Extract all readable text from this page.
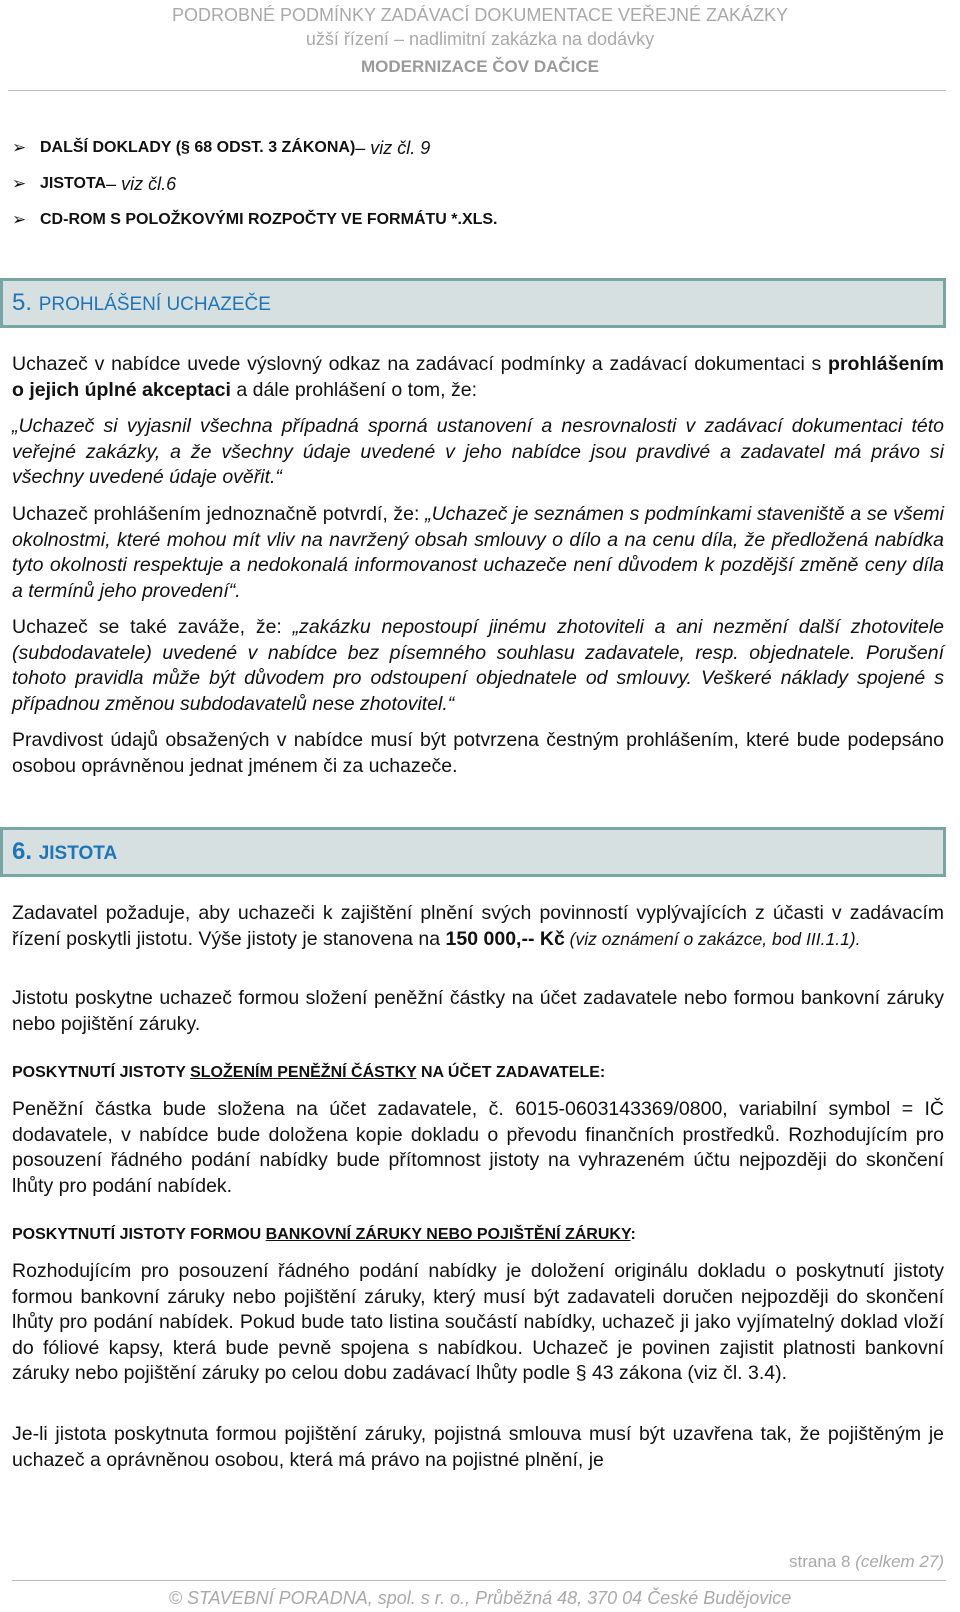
PODROBNÉ PODMÍNKY ZADÁVACÍ DOKUMENTACE VEŘEJNÉ ZAKÁZKY
užší řízení – nadlimitní zakázka na dodávky
MODERNIZACE ČOV DAČICE
➢ DALŠÍ DOKLADY (§ 68 ODST. 3 ZÁKONA) – viz čl. 9
➢ JISTOTA – viz čl.6
➢ CD-ROM S POLOŽKOVÝMI ROZPOČTY VE FORMÁTU *.XLS.
5. PROHLÁŠENÍ UCHAZEČE
Uchazeč v nabídce uvede výslovný odkaz na zadávací podmínky a zadávací dokumentaci s prohlášením o jejich úplné akceptaci a dále prohlášení o tom, že:
„Uchazeč si vyjasnil všechna případná sporná ustanovení a nesrovnalosti v zadávací dokumentaci této veřejné zakázky, a že všechny údaje uvedené v jeho nabídce jsou pravdivé a zadavatel má právo si všechny uvedené údaje ověřit.“
Uchazeč prohlášením jednoznačně potvrdí, že: „Uchazeč je seznámen s podmínkami staveniště a se všemi okolnostmi, které mohou mít vliv na navržený obsah smlouvy o dílo a na cenu díla, že předložená nabídka tyto okolnosti respektuje a nedokonalá informovanost uchazeče není důvodem k pozdější změně ceny díla a termínů jeho provedení“.
Uchazeč se také zaváže, že: „zakázku nepostoupí jinému zhotoviteli a ani nezmění další zhotovitele (subdodavatele) uvedené v nabídce bez písemného souhlasu zadavatele, resp. objednatele. Porušení tohoto pravidla může být důvodem pro odstoupení objednatele od smlouvy. Veškeré náklady spojené s případnou změnou subdodavatelů nese zhotovitel.“
Pravdivost údajů obsažených v nabídce musí být potvrzena čestným prohlášením, které bude podepsáno osobou oprávněnou jednat jménem či za uchazeče.
6. JISTOTA
Zadavatel požaduje, aby uchazeči k zajištění plnění svých povinností vyplývajících z účasti v zadávacím řízení poskytli jistotu. Výše jistoty je stanovena na 150 000,-- Kč (viz oznámení o zakázce, bod III.1.1).
Jistotu poskytne uchazeč formou složení peněžní částky na účet zadavatele nebo formou bankovní záruky nebo pojištění záruky.
POSKYTNUTÍ JISTOTY SLOŽENÍM PENĚŽNÍ ČÁSTKY NA ÚČET ZADAVATELE:
Peněžní částka bude složena na účet zadavatele, č. 6015-0603143369/0800, variabilní symbol = IČ dodavatele, v nabídce bude doložena kopie dokladu o převodu finančních prostředků. Rozhodujícím pro posouzení řádného podání nabídky bude přítomnost jistoty na vyhrazeném účtu nejpozději do skončení lhůty pro podání nabídek.
POSKYTNUTÍ JISTOTY FORMOU BANKOVNÍ ZÁRUKY NEBO POJIŠTĚNÍ ZÁRUKY:
Rozhodujícím pro posouzení řádného podání nabídky je doložení originálu dokladu o poskytnutí jistoty formou bankovní záruky nebo pojištění záruky, který musí být zadavateli doručen nejpozději do skončení lhůty pro podání nabídek. Pokud bude tato listina součástí nabídky, uchazeč ji jako vyjímatelný doklad vloží do fóliové kapsy, která bude pevně spojena s nabídkou. Uchazeč je povinen zajistit platnosti bankovní záruky nebo pojištění záruky po celou dobu zadávací lhůty podle § 43 zákona (viz čl. 3.4).
Je-li jistota poskytnuta formou pojištění záruky, pojistná smlouva musí být uzavřena tak, že pojištěným je uchazeč a oprávněnou osobou, která má právo na pojistné plnění, je
strana 8 (celkem 27)
© STAVEBNÍ PORADNA, spol. s r. o., Průběžná 48, 370 04 České Budějovice
